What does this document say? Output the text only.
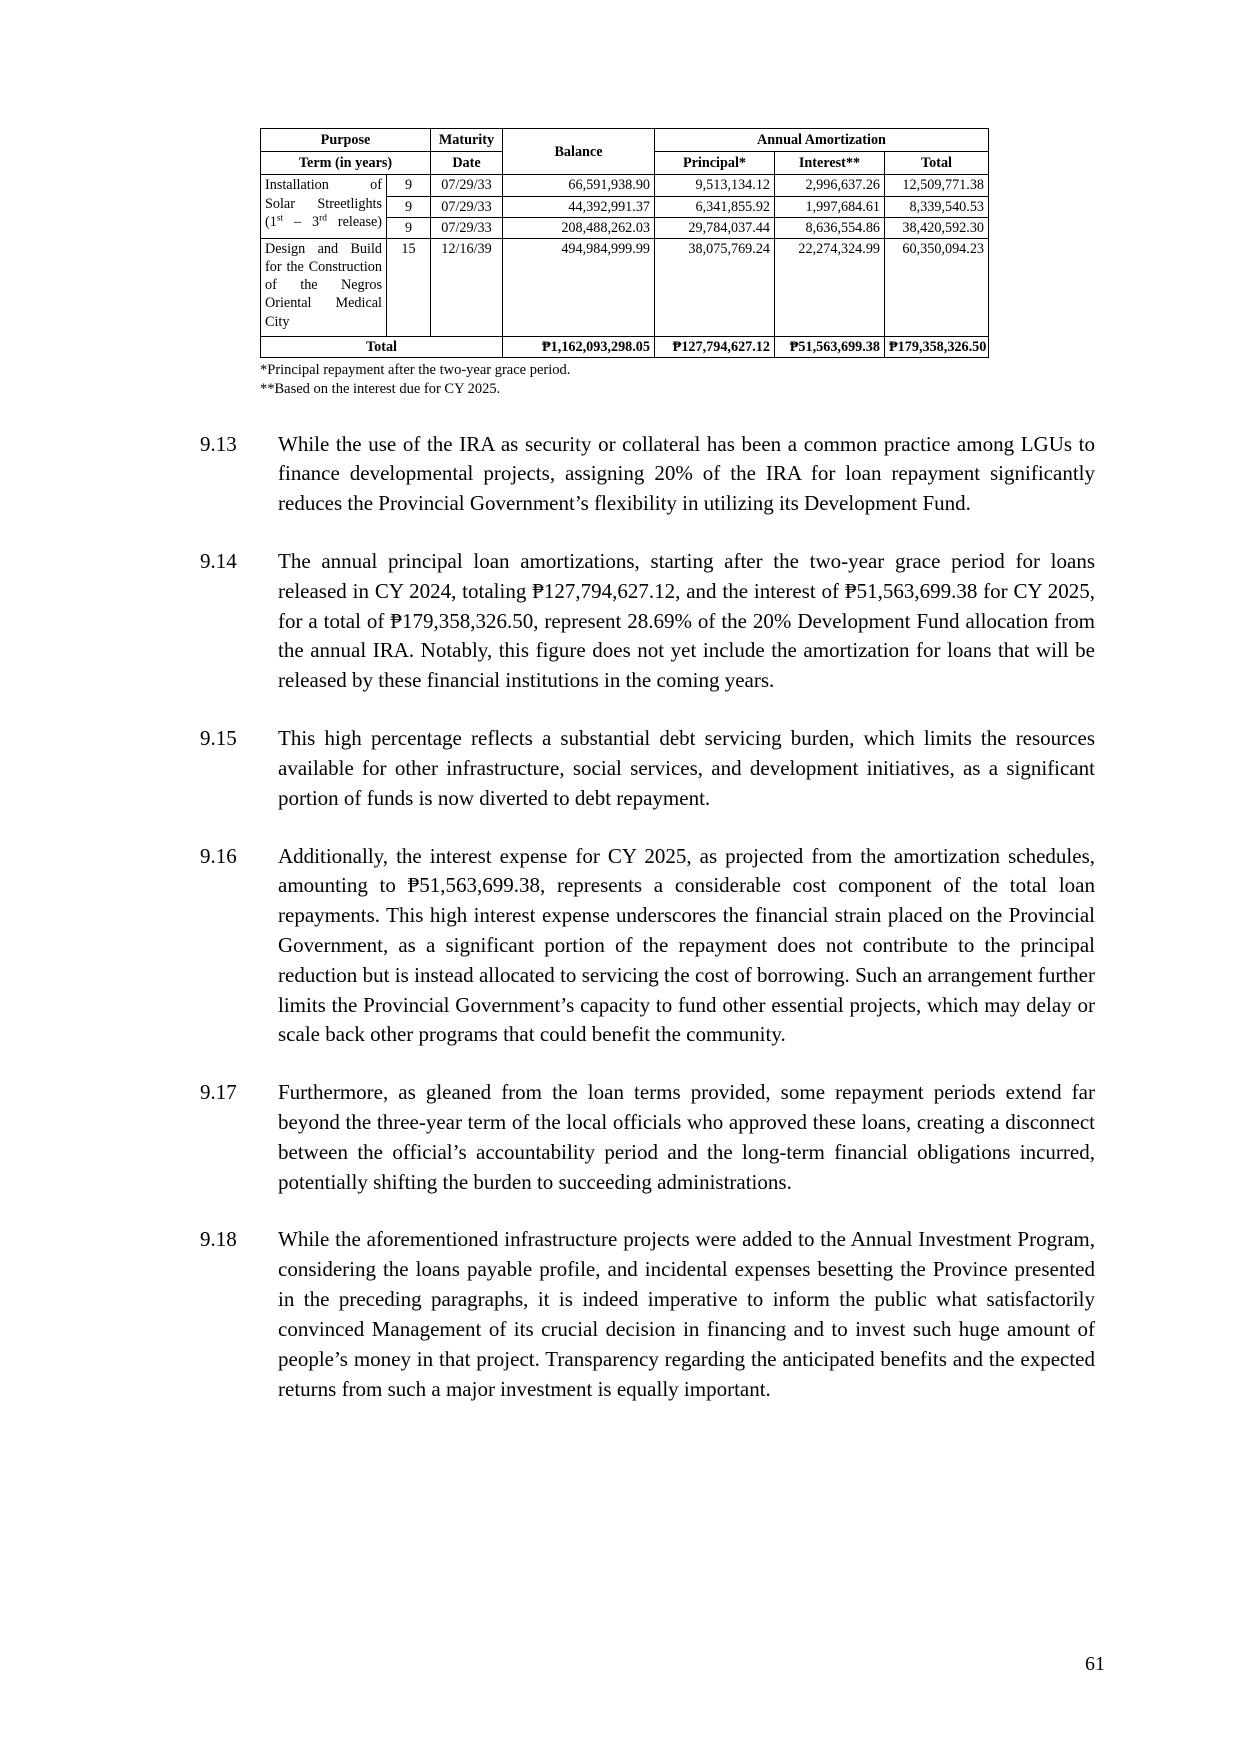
Purpose		Maturity	Balance	Annual Amortization		
Term (in years)		Date		Principal*	Interest**	Total
Installation of
Solar Streetlights
(1st – 3rd release)	9	07/29/33	66,591,938.90	9,513,134.12	2,996,637.26	12,509,771.38
	9	07/29/33	44,392,991.37	6,341,855.92	1,997,684.61	8,339,540.53
	9	07/29/33	208,488,262.03	29,784,037.44	8,636,554.86	38,420,592.30
Design and Build for the Construction of the Negros Oriental Medical City	15	12/16/39	494,984,999.99	38,075,769.24	22,274,324.99	60,350,094.23
Total			₱1,162,093,298.05	₱127,794,627.12	₱51,563,699.38	₱179,358,326.50
*Principal repayment after the two-year grace period.
**Based on the interest due for CY 2025.
9.13	While the use of the IRA as security or collateral has been a common practice among LGUs to finance developmental projects, assigning 20% of the IRA for loan repayment significantly reduces the Provincial Government’s flexibility in utilizing its Development Fund.
9.14	The annual principal loan amortizations, starting after the two-year grace period for loans released in CY 2024, totaling ₱127,794,627.12, and the interest of ₱51,563,699.38 for CY 2025, for a total of ₱179,358,326.50, represent 28.69% of the 20% Development Fund allocation from the annual IRA. Notably, this figure does not yet include the amortization for loans that will be released by these financial institutions in the coming years.
9.15	This high percentage reflects a substantial debt servicing burden, which limits the resources available for other infrastructure, social services, and development initiatives, as a significant portion of funds is now diverted to debt repayment.
9.16	Additionally, the interest expense for CY 2025, as projected from the amortization schedules, amounting to ₱51,563,699.38, represents a considerable cost component of the total loan repayments. This high interest expense underscores the financial strain placed on the Provincial Government, as a significant portion of the repayment does not contribute to the principal reduction but is instead allocated to servicing the cost of borrowing. Such an arrangement further limits the Provincial Government’s capacity to fund other essential projects, which may delay or scale back other programs that could benefit the community.
9.17	Furthermore, as gleaned from the loan terms provided, some repayment periods extend far beyond the three-year term of the local officials who approved these loans, creating a disconnect between the official’s accountability period and the long-term financial obligations incurred, potentially shifting the burden to succeeding administrations.
9.18	While the aforementioned infrastructure projects were added to the Annual Investment Program, considering the loans payable profile, and incidental expenses besetting the Province presented in the preceding paragraphs, it is indeed imperative to inform the public what satisfactorily convinced Management of its crucial decision in financing and to invest such huge amount of people’s money in that project. Transparency regarding the anticipated benefits and the expected returns from such a major investment is equally important.
61
